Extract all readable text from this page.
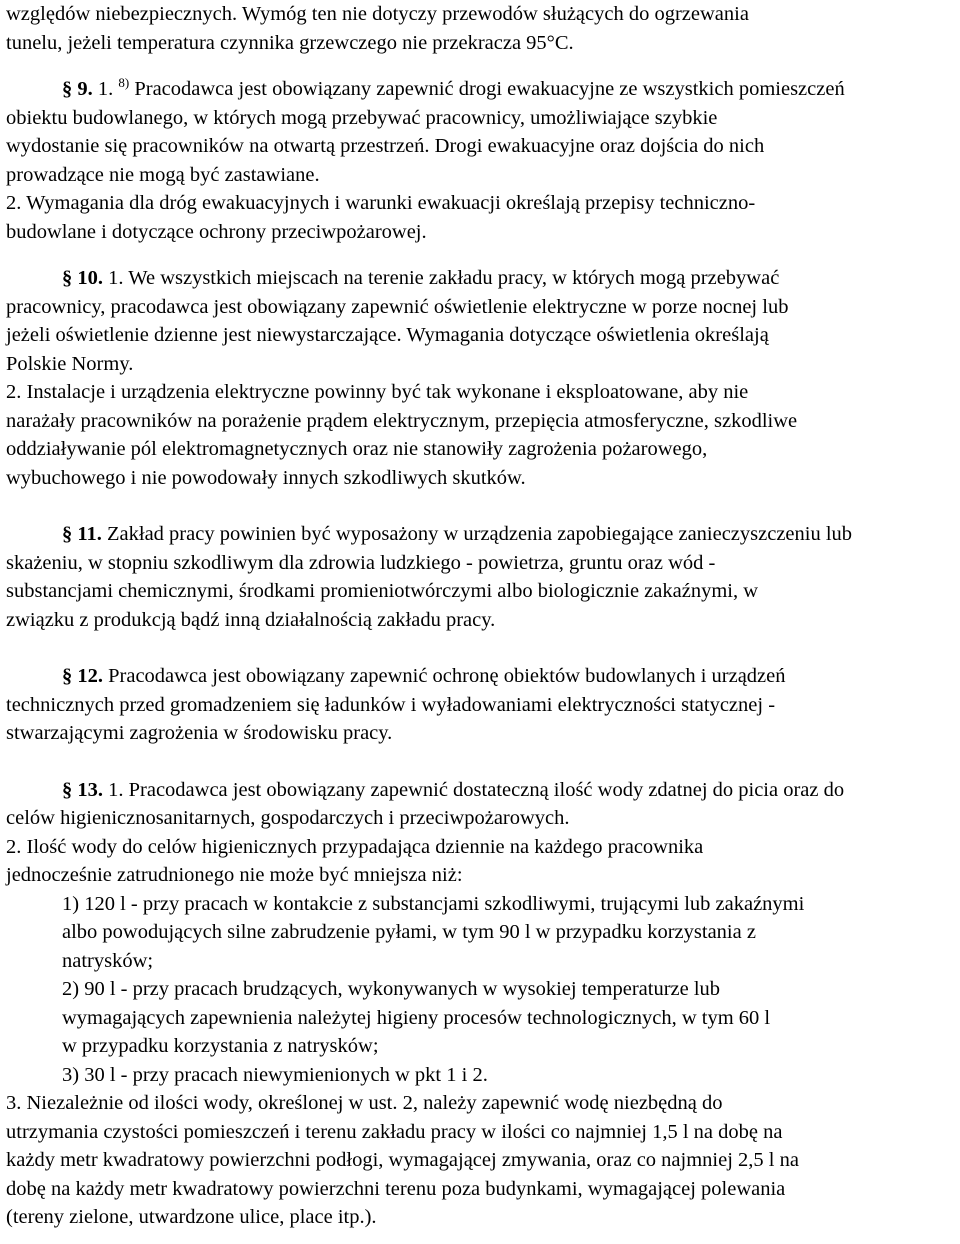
względów niebezpiecznych. Wymóg ten nie dotyczy przewodów służących do ogrzewania
tunelu, jeżeli temperatura czynnika grzewczego nie przekracza 95°C.

§ 9. 1. $^{8)}$ Pracodawca jest obowiązany zapewnić drogi ewakuacyjne ze wszystkich pomieszczeń
obiektu budowlanego, w których mogą przebywać pracownicy, umożliwiające szybkie
wydostanie się pracowników na otwartą przestrzeń. Drogi ewakuacyjne oraz dojścia do nich
prowadzące nie mogą być zastawiane.

2. Wymagania dla dróg ewakuacyjnych i warunki ewakuacji określają przepisy techniczno-
budowlane i dotyczące ochrony przeciwpożarowej.

§ 10. 1. We wszystkich miejscach na terenie zakładu pracy, w których mogą przebywać
pracownicy, pracodawca jest obowiązany zapewnić oświetlenie elektryczne w porze nocnej lub
jeżeli oświetlenie dzienne jest niewystarczające. Wymagania dotyczące oświetlenia określają
Polskie Normy.

2. Instalacje i urządzenia elektryczne powinny być tak wykonane i eksploatowane, aby nie
narażały pracowników na porażenie prądem elektrycznym, przepięcia atmosferyczne, szkodliwe
oddziaływanie pól elektromagnetycznych oraz nie stanowiły zagrożenia pożarowego,
wybuchowego i nie powodowały innych szkodliwych skutków.

§ 11. Zakład pracy powinien być wyposażony w urządzenia zapobiegające zanieczyszczeniu lub
skażeniu, w stopniu szkodliwym dla zdrowia ludzkiego - powietrza, gruntu oraz wód -
substancjami chemicznymi, środkami promieniotwórczymi albo biologicznie zakaźnymi, w
związku z produkcją bądź inną działalnością zakładu pracy.

§ 12. Pracodawca jest obowiązany zapewnić ochronę obiektów budowlanych i urządzeń
technicznych przed gromadzeniem się ładunków i wyładowaniami elektryczności statycznej -
stwarzającymi zagrożenia w środowisku pracy.

§ 13. 1. Pracodawca jest obowiązany zapewnić dostateczną ilość wody zdatnej do picia oraz do
celów higienicznosanitarnych, gospodarczych i przeciwpożarowych.

2. Ilość wody do celów higienicznych przypadająca dziennie na każdego pracownika
jednocześnie zatrudnionego nie może być mniejsza niż:

1) 120 l - przy pracach w kontakcie z substancjami szkodliwymi, trującymi lub zakaźnymi
albo powodujących silne zabrudzenie pyłami, w tym 90 l w przypadku korzystania z
natrysków;
2) 90 l - przy pracach brudzących, wykonywanych w wysokiej temperaturze lub
wymagających zapewnienia należytej higieny procesów technologicznych, w tym 60 l
w przypadku korzystania z natrysków;
3) 30 l - przy pracach niewymienionych w pkt 1 i 2.

3. Niezależnie od ilości wody, określonej w ust. 2, należy zapewnić wodę niezbędną do
utrzymania czystości pomieszczeń i terenu zakładu pracy w ilości co najmniej 1,5 l na dobę na
każdy metr kwadratowy powierzchni podłogi, wymagającej zmywania, oraz co najmniej 2,5 l na
dobę na każdy metr kwadratowy powierzchni terenu poza budynkami, wymagającej polewania
(tereny zielone, utwardzone ulice, place itp.).
